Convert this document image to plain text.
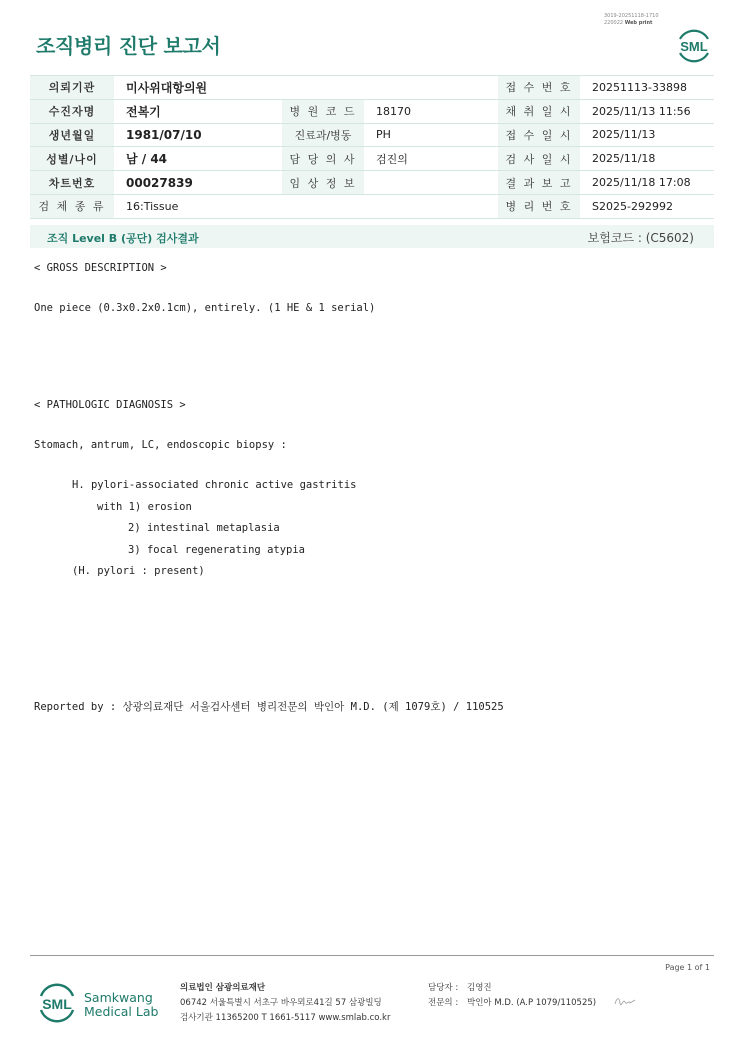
3019-20251118-1710
220022 Web print
조직병리 진단 보고서	SML
의뢰기관	미사위대항의원			접 수 번 호	20251113-33898
수진자명	전복기	병 원 코 드	18170	채 취 일 시	2025/11/13 11:56
생년월일	1981/07/10	진료과/병동	PH	접 수 일 시	2025/11/13
성별/나이	남 / 44	담 당 의 사	검진의	검 사 일 시	2025/11/18
차트번호	00027839	임 상 정 보		결 과 보 고	2025/11/18 17:08
검 체 종 류	16:Tissue			병 리 번 호	S2025-292992
조직 Level B (공단) 검사결과	보험코드 : (C5602)
< GROSS DESCRIPTION >
One piece (0.3x0.2x0.1cm), entirely. (1 HE & 1 serial)
< PATHOLOGIC DIAGNOSIS >
Stomach, antrum, LC, endoscopic biopsy :
H. pylori-associated chronic active gastritis
with 1) erosion
2) intestinal metaplasia
3) focal regenerating atypia
(H. pylori : present)
Reported by : 상광의료재단 서울검사센터 병리전문의 박인아 M.D. (제 1079호) / 110525
Page 1 of 1
SML Samkwang
Medical Lab
의료법인 삼광의료재단
06742 서울특별시 서초구 바우뫼로41길 57 삼광빌딩
검사기관 11365200 T 1661-5117 www.smlab.co.kr
담당자 : 김영진
전문의 : 박인아 M.D. (A.P 1079/110525)
